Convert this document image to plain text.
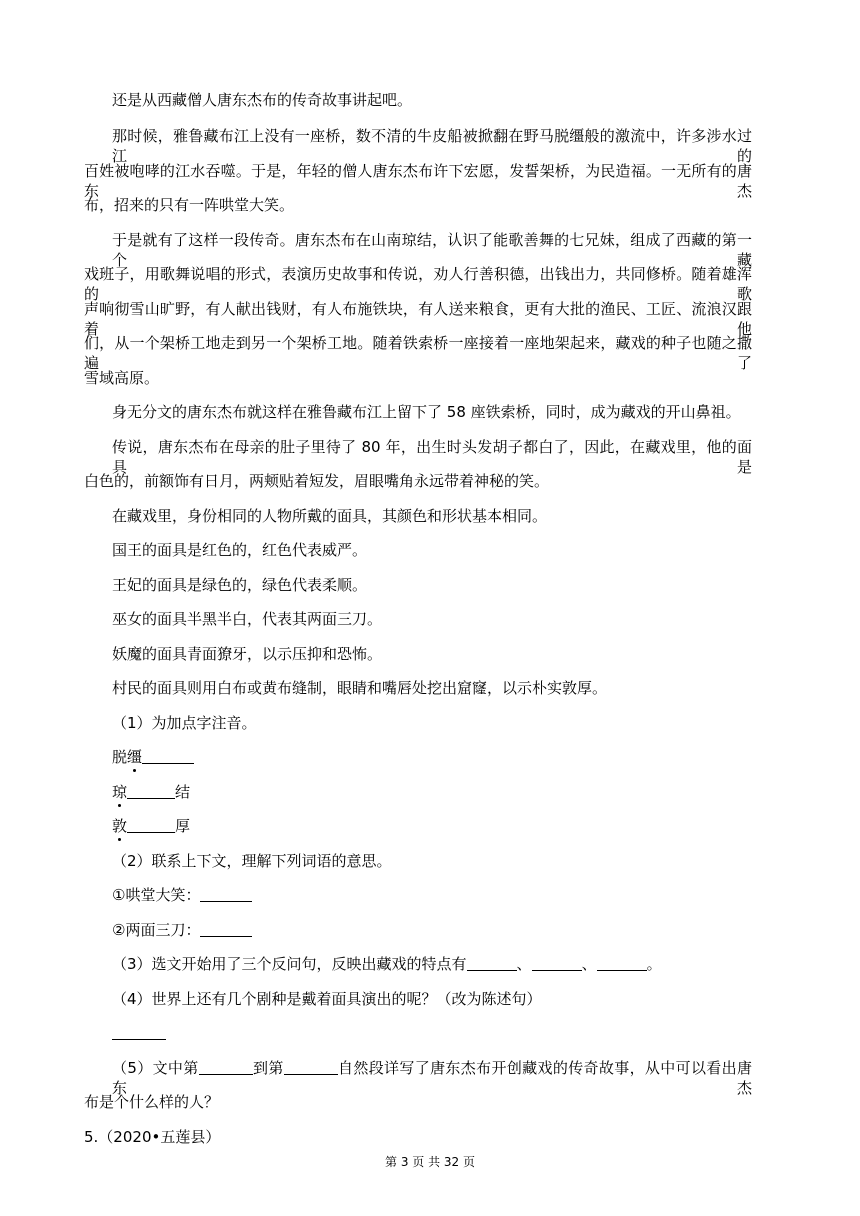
还是从西藏僧人唐东杰布的传奇故事讲起吧。
那时候，雅鲁藏布江上没有一座桥，数不清的牛皮船被掀翻在野马脱缰般的激流中，许多涉水过江的
百姓被咆哮的江水吞噬。于是，年轻的僧人唐东杰布许下宏愿，发誓架桥，为民造福。一无所有的唐东杰
布，招来的只有一阵哄堂大笑。
于是就有了这样一段传奇。唐东杰布在山南琼结，认识了能歌善舞的七兄妹，组成了西藏的第一个藏
戏班子，用歌舞说唱的形式，表演历史故事和传说，劝人行善积德，出钱出力，共同修桥。随着雄浑的歌
声响彻雪山旷野，有人献出钱财，有人布施铁块，有人送来粮食，更有大批的渔民、工匠、流浪汉跟着他
们，从一个架桥工地走到另一个架桥工地。随着铁索桥一座接着一座地架起来，藏戏的种子也随之撒遍了
雪域高原。
身无分文的唐东杰布就这样在雅鲁藏布江上留下了 58 座铁索桥，同时，成为藏戏的开山鼻祖。
传说，唐东杰布在母亲的肚子里待了 80 年，出生时头发胡子都白了，因此，在藏戏里，他的面具是
白色的，前额饰有日月，两颊贴着短发，眉眼嘴角永远带着神秘的笑。
在藏戏里，身份相同的人物所戴的面具，其颜色和形状基本相同。
国王的面具是红色的，红色代表威严。
王妃的面具是绿色的，绿色代表柔顺。
巫女的面具半黑半白，代表其两面三刀。
妖魔的面具青面獠牙，以示压抑和恐怖。
村民的面具则用白布或黄布缝制，眼睛和嘴唇处挖出窟窿，以示朴实敦厚。
（1）为加点字注音。
脱缰
琼	结
敦	厚
（2）联系上下文，理解下列词语的意思。
①哄堂大笑：
②两面三刀：
（3）选文开始用了三个反问句，反映出藏戏的特点有	、	、	。
（4）世界上还有几个剧种是戴着面具演出的呢？（改为陈述句）
（5）文中第	到第	自然段详写了唐东杰布开创藏戏的传奇故事，从中可以看出唐东杰
布是个什么样的人？
5.（2020•五莲县）
第 3 页 共 32 页
